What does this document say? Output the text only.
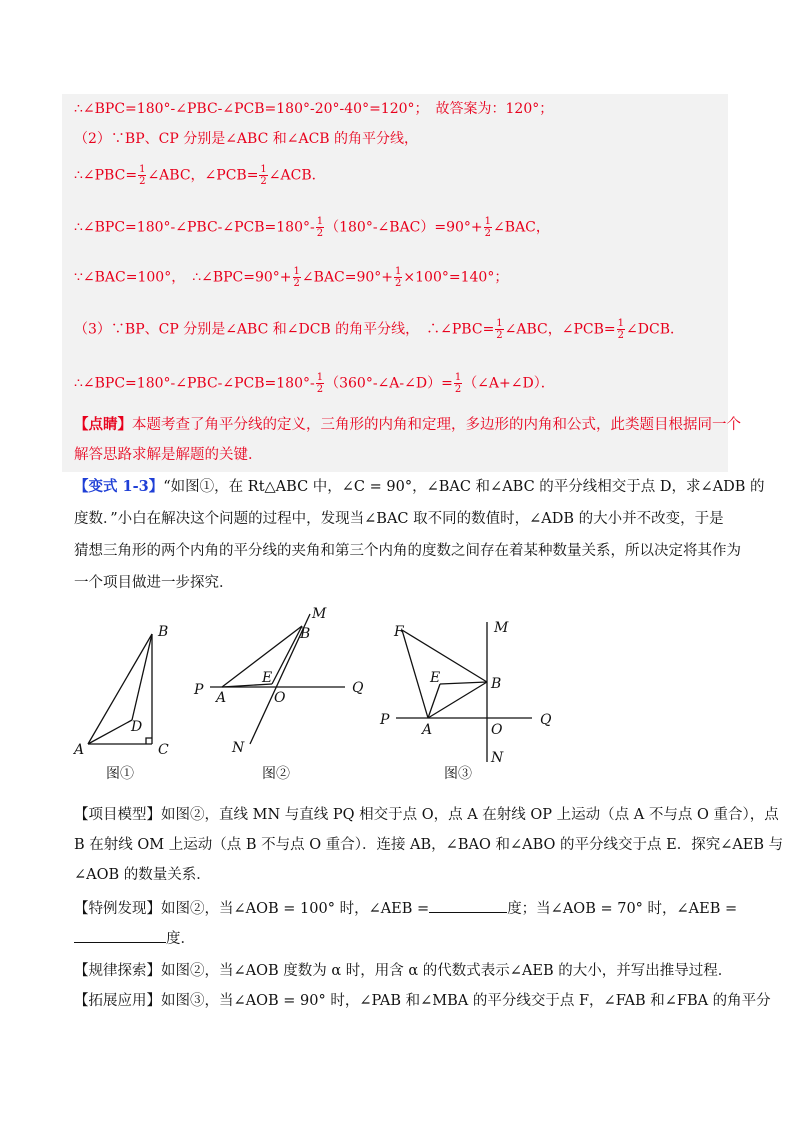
∴∠BPC=180°-∠PBC-∠PCB=180°-20°-40°=120°；　故答案为：120°；
（2）∵BP、CP 分别是∠ABC 和∠ACB 的角平分线，
∴∠PBC= $\frac{1}{2}$ ∠ABC，∠PCB= $\frac{1}{2}$ ∠ACB．
∴∠BPC=180°-∠PBC-∠PCB=180°- $\frac{1}{2}$ （180°-∠BAC）=90°+ $\frac{1}{2}$ ∠BAC，
∵∠BAC=100°，　∴∠BPC=90°+ $\frac{1}{2}$ ∠BAC=90°+ $\frac{1}{2} \times 100^\circ=140^\circ$；
（3）∵BP、CP 分别是∠ABC 和∠DCB 的角平分线，　∴∠PBC= $\frac{1}{2}$ ∠ABC，∠PCB= $\frac{1}{2}$ ∠DCB．
∴∠BPC=180°-∠PBC-∠PCB=180°- $\frac{1}{2}$ （360°-∠A-∠D）= $\frac{1}{2}$ （∠A+∠D）．
【点睛】本题考查了角平分线的定义，三角形的内角和定理，多边形的内角和公式，此类题目根据同一个
解答思路求解是解题的关键．
【变式 1-3】“如图①，在 Rt△ABC 中，∠C = 90°，∠BAC 和∠ABC 的平分线相交于点 D，求∠ADB 的
度数．”小白在解决这个问题的过程中，发现当∠BAC 取不同的数值时，∠ADB 的大小并不改变，于是
猜想三角形的两个内角的平分线的夹角和第三个内角的度数之间存在着某种数量关系，所以决定将其作为
一个项目做进一步探究．
B
D
A	C
图①
M
B
P A
E
O
Q
N
图②
F	M
E	B
P
A	O
Q
N
图③
【项目模型】如图②，直线 MN 与直线 PQ 相交于点 O，点 A 在射线 OP 上运动（点 A 不与点 O 重合），点
B 在射线 OM 上运动（点 B 不与点 O 重合）．连接 AB，∠BAO 和∠ABO 的平分线交于点 E．探究∠AEB 与
∠AOB 的数量关系．
【特例发现】如图②，当∠AOB = 100° 时，∠AEB =	度；当∠AOB = 70° 时，∠AEB =
度．
【规律探索】如图②，当∠AOB 度数为 α 时，用含 α 的代数式表示∠AEB 的大小，并写出推导过程．
【拓展应用】如图③，当∠AOB = 90° 时，∠PAB 和∠MBA 的平分线交于点 F，∠FAB 和∠FBA 的角平分
